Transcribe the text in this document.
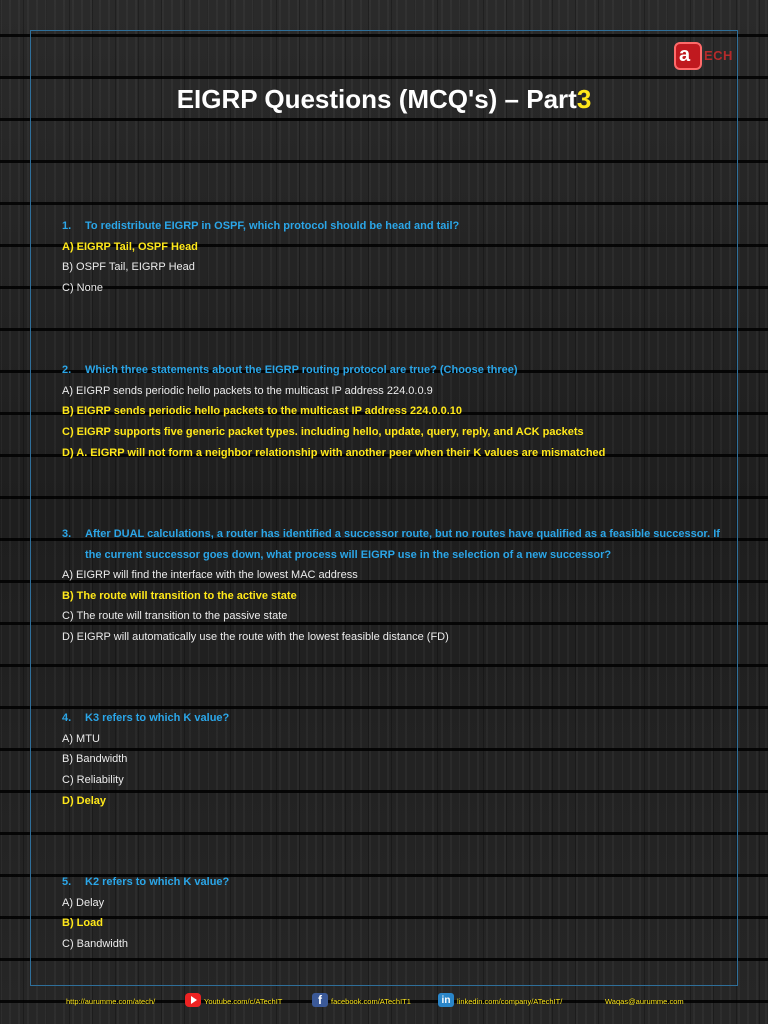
a ECH
EIGRP Questions (MCQ's) – Part3
1.	To redistribute EIGRP in OSPF, which protocol should be head and tail?
A) EIGRP Tail, OSPF Head
B) OSPF Tail, EIGRP Head
C) None
2.	Which three statements about the EIGRP routing protocol are true? (Choose three)
A) EIGRP sends periodic hello packets to the multicast IP address 224.0.0.9
B) EIGRP sends periodic hello packets to the multicast IP address 224.0.0.10
C) EIGRP supports five generic packet types. including hello, update, query, reply, and ACK packets
D) A. EIGRP will not form a neighbor relationship with another peer when their K values are mismatched
3.	After DUAL calculations, a router has identified a successor route, but no routes have qualified as a feasible successor. If the current successor goes down, what process will EIGRP use in the selection of a new successor?
A) EIGRP will find the interface with the lowest MAC address
B) The route will transition to the active state
C) The route will transition to the passive state
D) EIGRP will automatically use the route with the lowest feasible distance (FD)
4.	K3 refers to which K value?
A) MTU
B) Bandwidth
C) Reliability
D) Delay
5.	K2 refers to which K value?
A) Delay
B) Load
C) Bandwidth
http://aurumme.com/atech/	Youtube.com/c/ATechIT	f	facebook.com/ATechIT1	in linkedin.com/company/ATechIT/	Waqas@aurumme.com
